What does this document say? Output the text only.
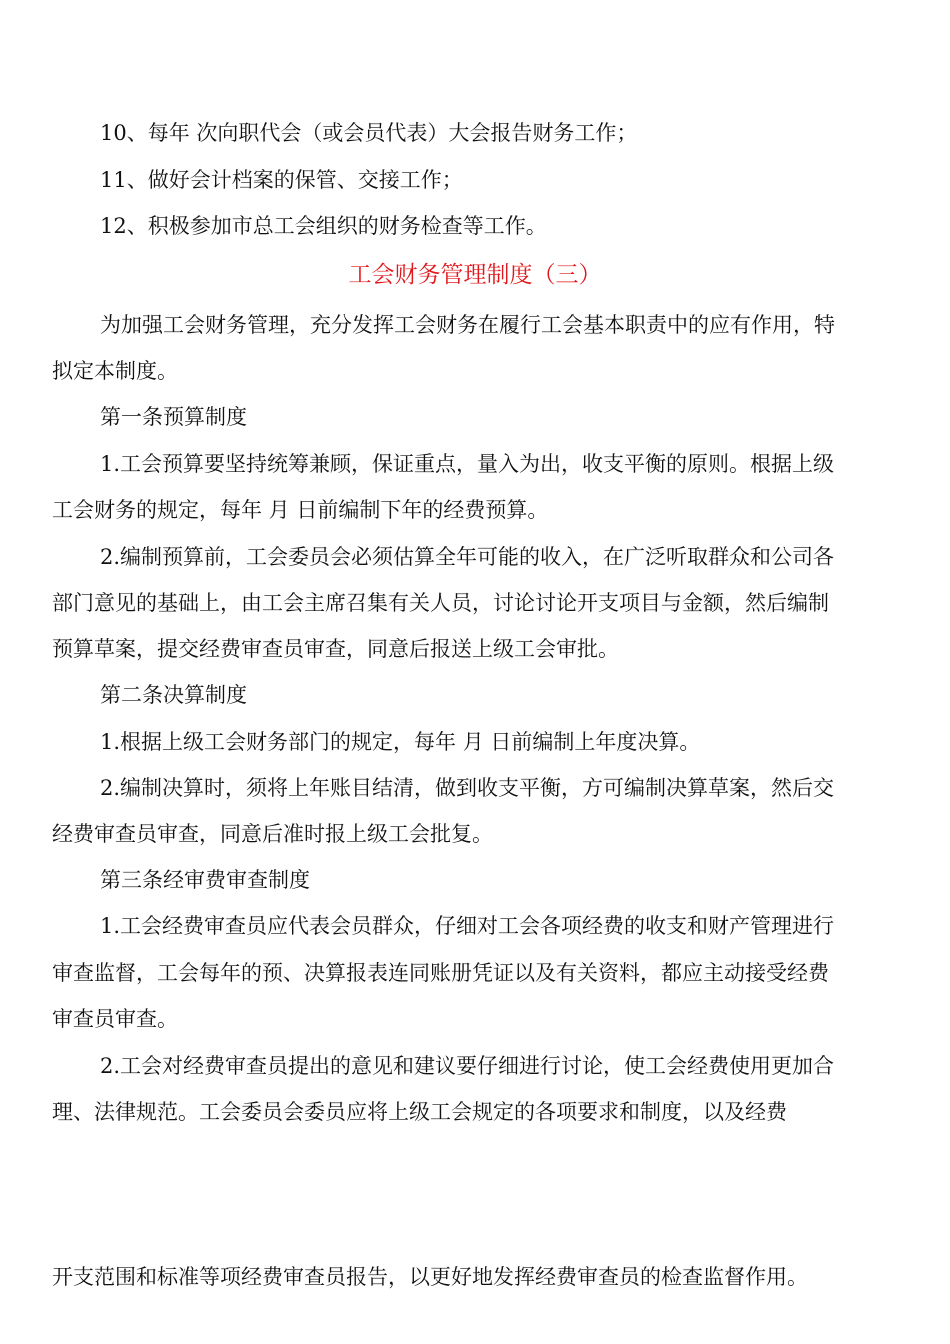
10、每年 次向职代会（或会员代表）大会报告财务工作；
11、做好会计档案的保管、交接工作；
12、积极参加市总工会组织的财务检查等工作。
工会财务管理制度（三）
为加强工会财务管理，充分发挥工会财务在履行工会基本职责中的应有作用，特
拟定本制度。
第一条预算制度
1.工会预算要坚持统筹兼顾，保证重点，量入为出，收支平衡的原则。根据上级
工会财务的规定，每年 月 日前编制下年的经费预算。
2.编制预算前，工会委员会必须估算全年可能的收入，在广泛听取群众和公司各
部门意见的基础上，由工会主席召集有关人员，讨论讨论开支项目与金额，然后编制
预算草案，提交经费审查员审查，同意后报送上级工会审批。
第二条决算制度
1.根据上级工会财务部门的规定，每年 月 日前编制上年度决算。
2.编制决算时，须将上年账目结清，做到收支平衡，方可编制决算草案，然后交
经费审查员审查，同意后准时报上级工会批复。
第三条经审费审查制度
1.工会经费审查员应代表会员群众，仔细对工会各项经费的收支和财产管理进行
审查监督，工会每年的预、决算报表连同账册凭证以及有关资料，都应主动接受经费
审查员审查。
2.工会对经费审查员提出的意见和建议要仔细进行讨论，使工会经费使用更加合
理、法律规范。工会委员会委员应将上级工会规定的各项要求和制度，以及经费
开支范围和标准等项经费审查员报告，以更好地发挥经费审查员的检查监督作用。
